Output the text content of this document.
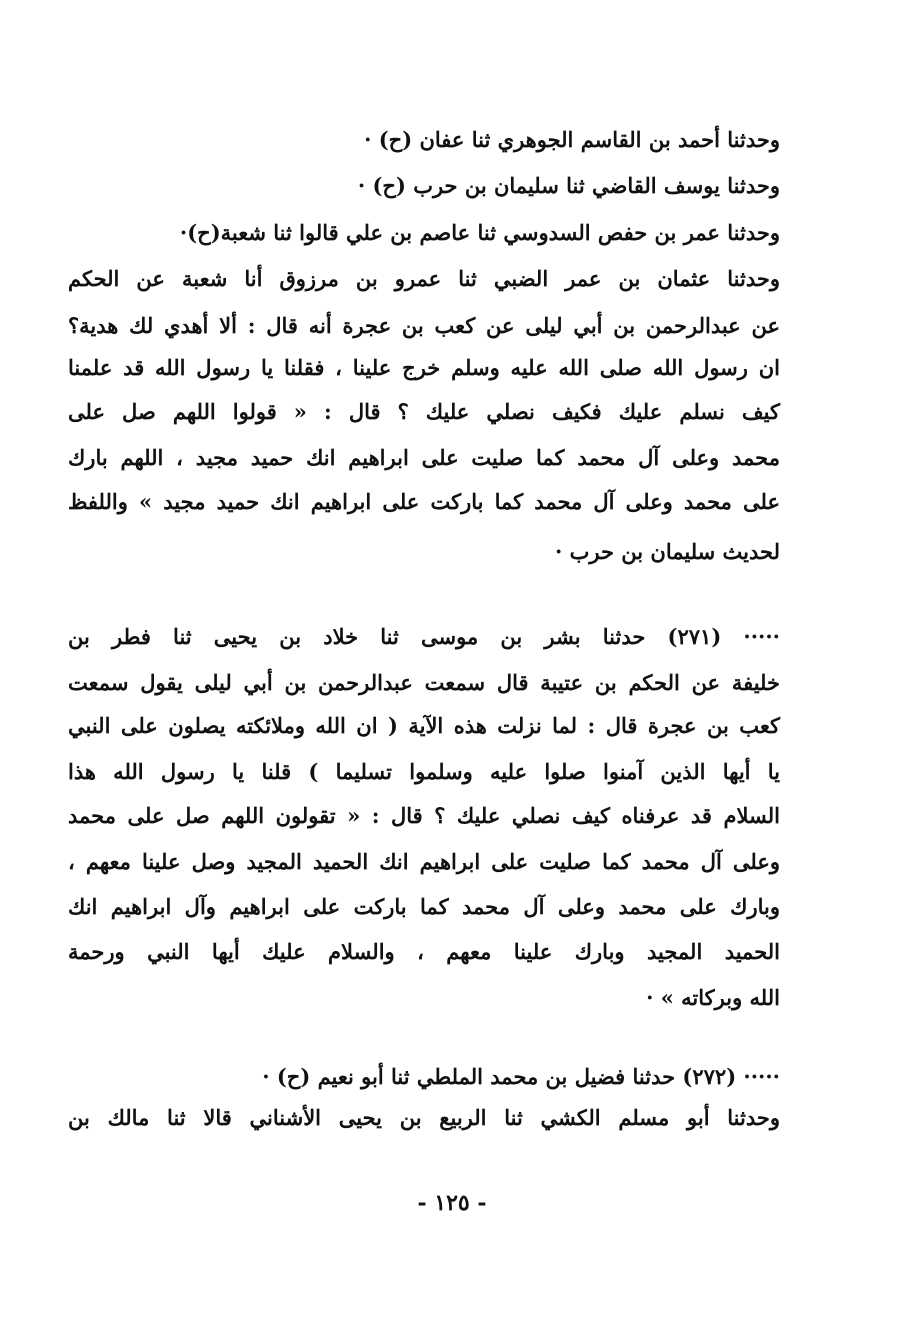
وحدثنا أحمد بن القاسم الجوهري ثنا عفان (ح) ·
وحدثنا يوسف القاضي ثنا سليمان بن حرب (ح) ·
وحدثنا عمر بن حفص السدوسي ثنا عاصم بن علي قالوا ثنا شعبة(ح)·
وحدثنا عثمان بن عمر الضبي ثنا عمرو بن مرزوق أنا شعبة عن الحكم
عن عبدالرحمن بن أبي ليلى عن كعب بن عجرة أنه قال : ألا أهدي لك هدية؟
ان رسول الله صلى الله عليه وسلم خرج علينا ، فقلنا يا رسول الله قد علمنا
كيف نسلم عليك فكيف نصلي عليك ؟ قال : « قولوا اللهم صل على
محمد وعلى آل محمد كما صليت على ابراهيم انك حميد مجيد ، اللهم بارك
على محمد وعلى آل محمد كما باركت على ابراهيم انك حميد مجيد » واللفظ
لحديث سليمان بن حرب ·
····· (٢٧١) حدثنا بشر بن موسى ثنا خلاد بن يحيى ثنا فطر بن
خليفة عن الحكم بن عتيبة قال سمعت عبدالرحمن بن أبي ليلى يقول سمعت
كعب بن عجرة قال : لما نزلت هذه الآية ( ان الله وملائكته يصلون على النبي
يا أيها الذين آمنوا صلوا عليه وسلموا تسليما ) قلنا يا رسول الله هذا
السلام قد عرفناه كيف نصلي عليك ؟ قال : « تقولون اللهم صل على محمد
وعلى آل محمد كما صليت على ابراهيم انك الحميد المجيد وصل علينا معهم ،
وبارك على محمد وعلى آل محمد كما باركت على ابراهيم وآل ابراهيم انك
الحميد المجيد وبارك علينا معهم ، والسلام عليك أيها النبي ورحمة
الله وبركاته » ·
····· (٢٧٢) حدثنا فضيل بن محمد الملطي ثنا أبو نعيم (ح) ·
وحدثنا أبو مسلم الكشي ثنا الربيع بن يحيى الأشناني قالا ثنا مالك بن
- ١٢٥ -
